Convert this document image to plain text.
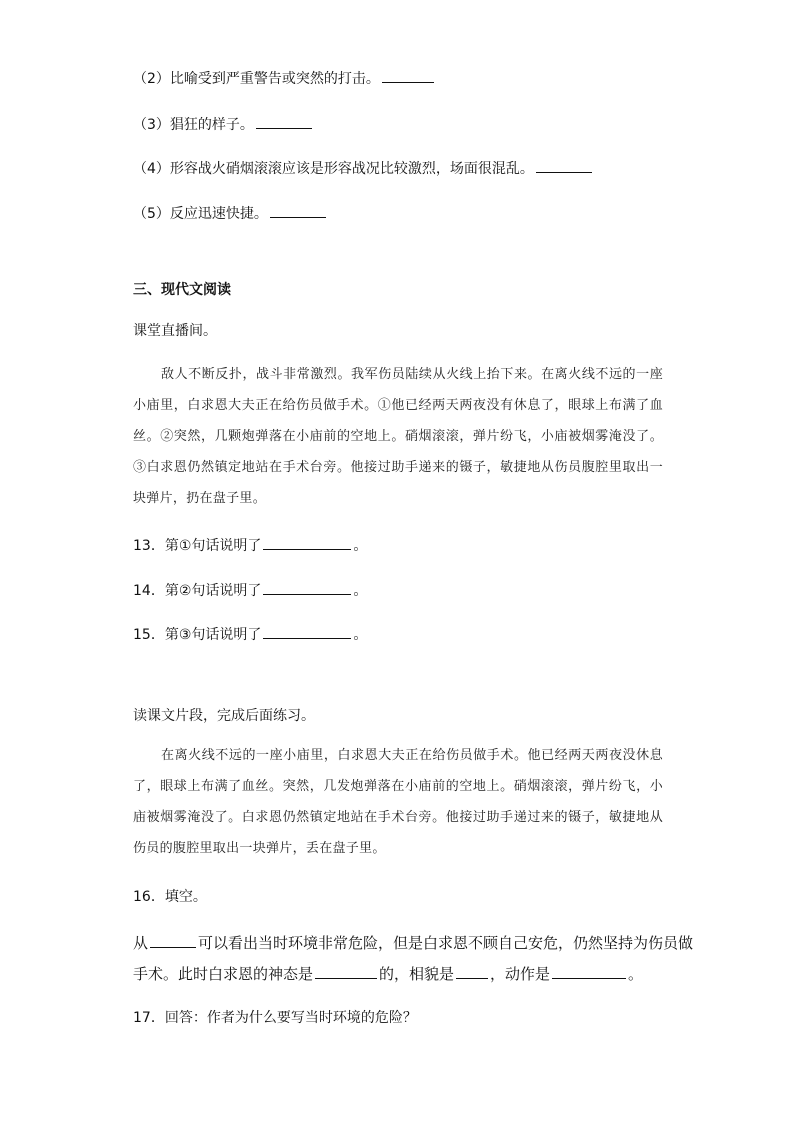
（2）比喻受到严重警告或突然的打击。
（3）猖狂的样子。
（4）形容战火硝烟滚滚应该是形容战况比较激烈，场面很混乱。
（5）反应迅速快捷。
三、现代文阅读
课堂直播间。
敌人不断反扑，战斗非常激烈。我军伤员陆续从火线上抬下来。在离火线不远的一座小庙里，白求恩大夫正在给伤员做手术。①他已经两天两夜没有休息了，眼球上布满了血丝。②突然，几颗炮弹落在小庙前的空地上。硝烟滚滚，弹片纷飞，小庙被烟雾淹没了。③白求恩仍然镇定地站在手术台旁。他接过助手递来的镊子，敏捷地从伤员腹腔里取出一块弹片，扔在盘子里。
13．第①句话说明了	。
14．第②句话说明了	。
15．第③句话说明了	。
读课文片段，完成后面练习。
在离火线不远的一座小庙里，白求恩大夫正在给伤员做手术。他已经两天两夜没休息了，眼球上布满了血丝。突然，几发炮弹落在小庙前的空地上。硝烟滚滚，弹片纷飞，小庙被烟雾淹没了。白求恩仍然镇定地站在手术台旁。他接过助手递过来的镊子，敏捷地从伤员的腹腔里取出一块弹片，丢在盘子里。
16．填空。
从	可以看出当时环境非常危险，但是白求恩不顾自己安危，仍然坚持为伤员做
手术。此时白求恩的神态是	的，相貌是 ，动作是	。
17．回答：作者为什么要写当时环境的危险？
